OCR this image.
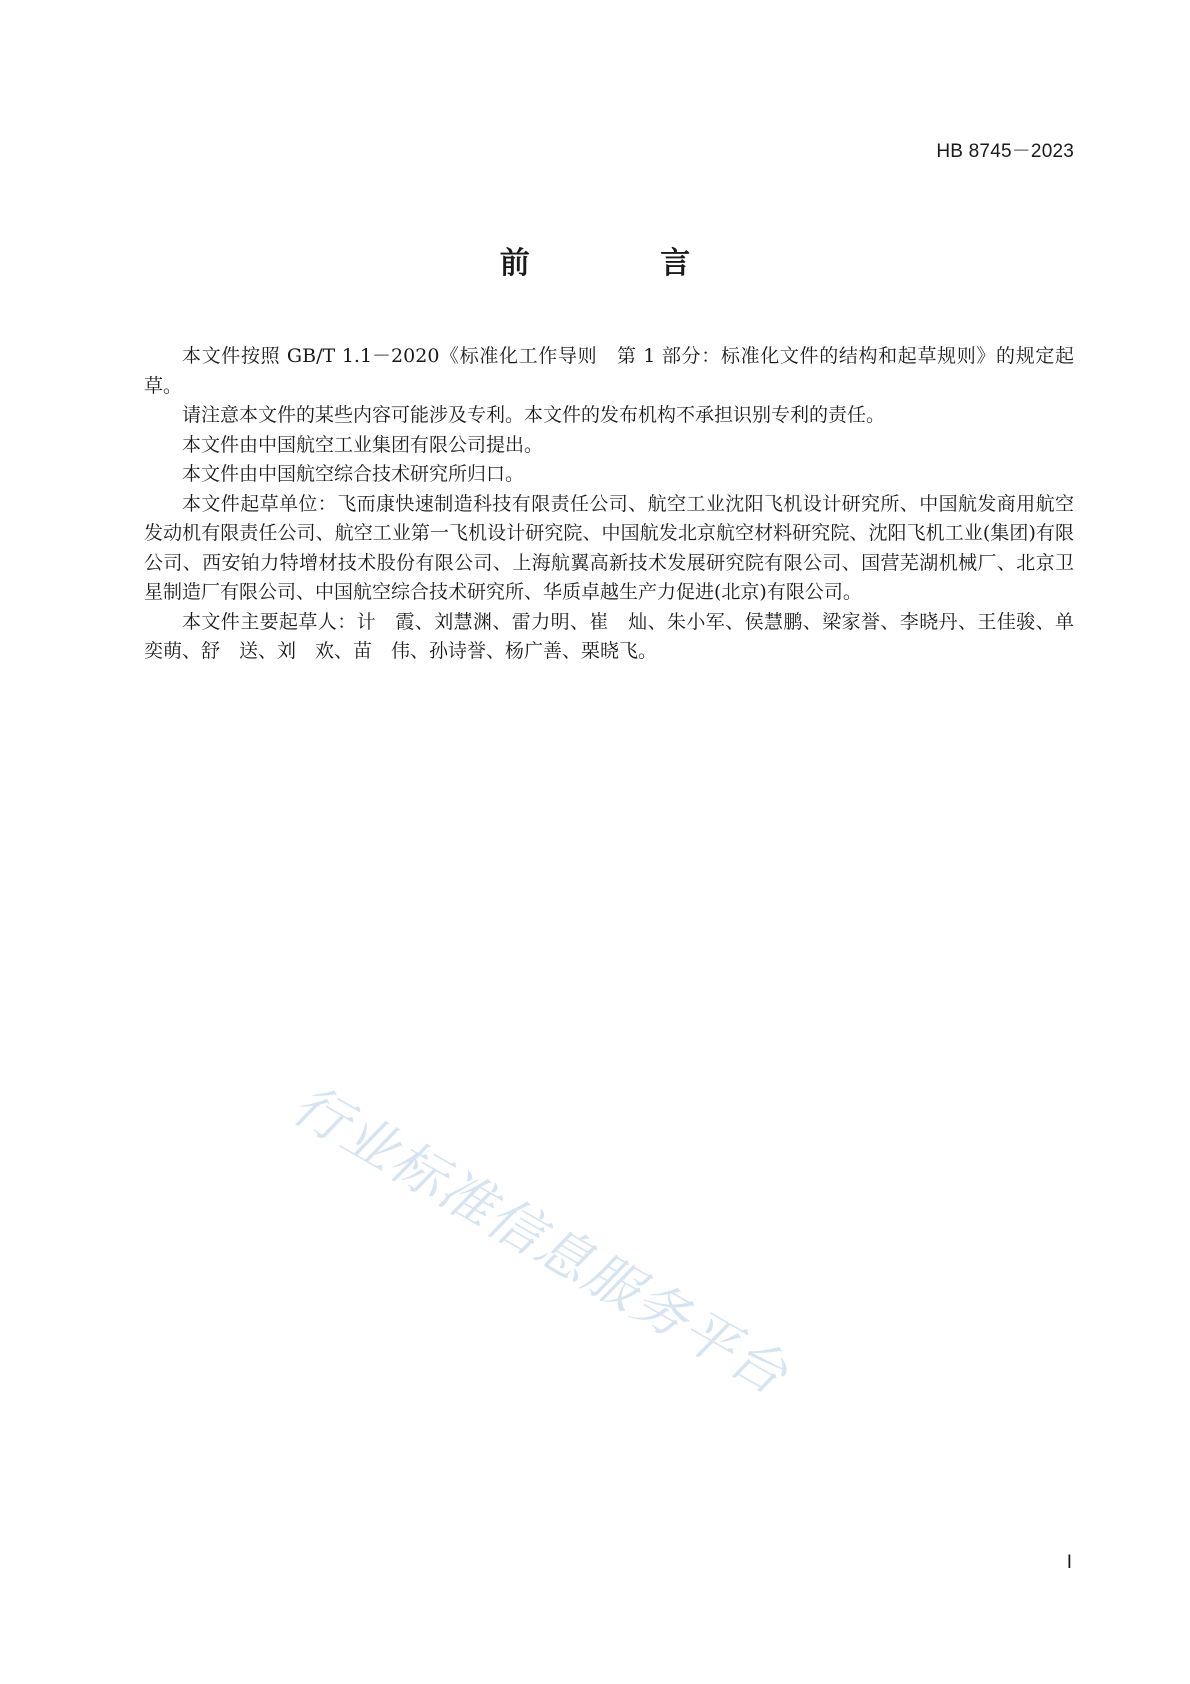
HB 8745－2023
前 言

本文件按照 GB/T 1.1－2020《标准化工作导则　第 1 部分：标准化文件的结构和起草规则》的规定起草。

请注意本文件的某些内容可能涉及专利。本文件的发布机构不承担识别专利的责任。

本文件由中国航空工业集团有限公司提出。

本文件由中国航空综合技术研究所归口。

本文件起草单位：飞而康快速制造科技有限责任公司、航空工业沈阳飞机设计研究所、中国航发商用航空发动机有限责任公司、航空工业第一飞机设计研究院、中国航发北京航空材料研究院、沈阳飞机工业(集团)有限公司、西安铂力特增材技术股份有限公司、上海航翼高新技术发展研究院有限公司、国营芜湖机械厂、北京卫星制造厂有限公司、中国航空综合技术研究所、华质卓越生产力促进(北京)有限公司。

本文件主要起草人：计　霞、刘慧渊、雷力明、崔　灿、朱小军、侯慧鹏、梁家誉、李晓丹、王佳骏、单奕萌、舒　送、刘　欢、苗　伟、孙诗誉、杨广善、栗晓飞。

行业标准信息服务平台
I
